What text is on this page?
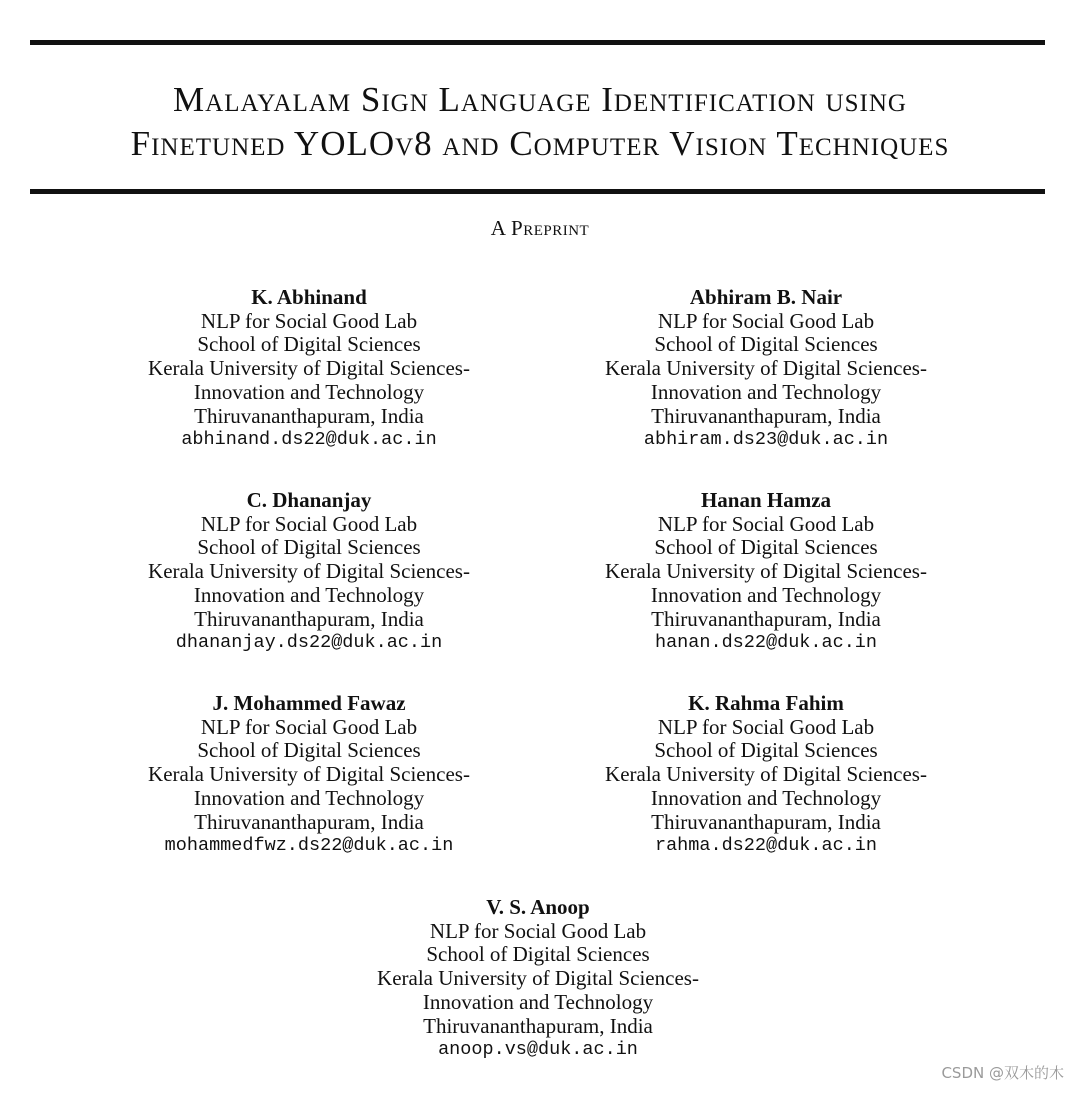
Malayalam Sign Language Identification using
Finetuned YOLOv8 and Computer Vision Techniques
A Preprint
K. Abhinand
NLP for Social Good Lab
School of Digital Sciences
Kerala University of Digital Sciences-
Innovation and Technology
Thiruvananthapuram, India
abhinand.ds22@duk.ac.in
Abhiram B. Nair
NLP for Social Good Lab
School of Digital Sciences
Kerala University of Digital Sciences-
Innovation and Technology
Thiruvananthapuram, India
abhiram.ds23@duk.ac.in
C. Dhananjay
NLP for Social Good Lab
School of Digital Sciences
Kerala University of Digital Sciences-
Innovation and Technology
Thiruvananthapuram, India
dhananjay.ds22@duk.ac.in
Hanan Hamza
NLP for Social Good Lab
School of Digital Sciences
Kerala University of Digital Sciences-
Innovation and Technology
Thiruvananthapuram, India
hanan.ds22@duk.ac.in
J. Mohammed Fawaz
NLP for Social Good Lab
School of Digital Sciences
Kerala University of Digital Sciences-
Innovation and Technology
Thiruvananthapuram, India
mohammedfwz.ds22@duk.ac.in
K. Rahma Fahim
NLP for Social Good Lab
School of Digital Sciences
Kerala University of Digital Sciences-
Innovation and Technology
Thiruvananthapuram, India
rahma.ds22@duk.ac.in
V. S. Anoop
NLP for Social Good Lab
School of Digital Sciences
Kerala University of Digital Sciences-
Innovation and Technology
Thiruvananthapuram, India
anoop.vs@duk.ac.in
CSDN @双木的木
